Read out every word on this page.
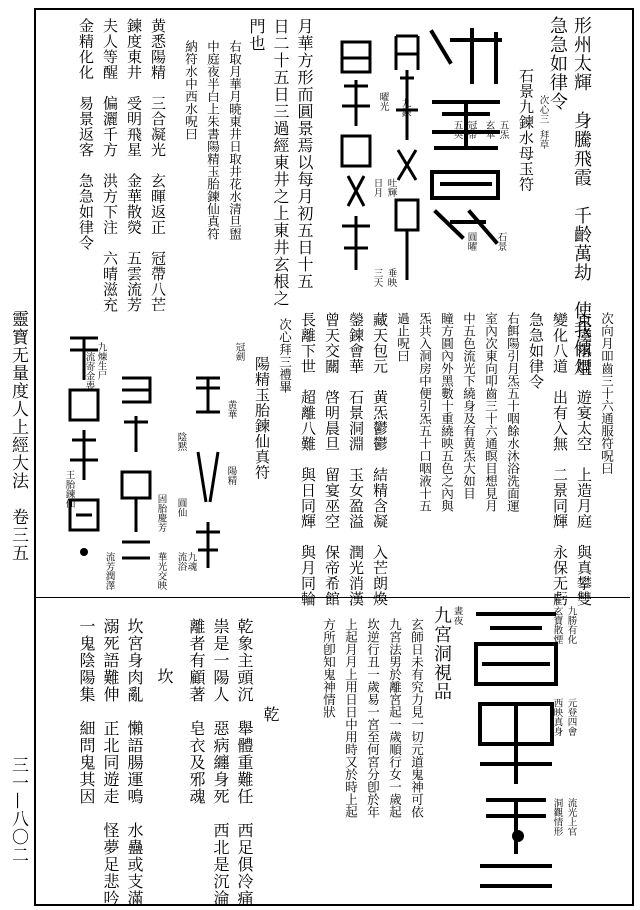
靈寶无量度人上經大法　卷三五
三一—八〇二
形州太輝　身騰飛霞　千齡萬劫　使我傾俎
急急如律令
次心三
拜草
石景九鍊水母玉符
五炁
玄華
冠帶
五英
石景
圓曜
九鍊
曜光
日月
三天
吐輝
垂映
月華方形而圓景焉以每月初五日十五
日二十五日三過經東井之上東井玄根之
門也
右取月華月暁東井日取井花水清旦盥
中庭夜半白上朱書陽精玉胎鍊仙真符
納符水中西水呪曰
黄悉陽精　三合凝光　玄暉返正　冠帶八芒
鍊度東井　受明飛星　金華散熒　五雲流芳
夫人等醒　偏灑千方　洪方下注　六晴滋充
金精化化　易景返客　急急如律令
次向月吅齒三十六通服符呪曰
東虞落煙　遊宴太空　上造月庭　與真攀雙
變化八道　出有入無　二景同輝　永保无虧
急急如律令
右餌陽引月炁五十咽餘水沐浴洗面運
室內次東向叩齒三十六通瞑目想見月
中五色流光下繞身及有黄炁大如目
瞳方圓內外黑數十重繞映五色之內與
炁共入洞房中便引炁五十口咽液十五
過止呪曰
藏天包元　黄炁鬱鬱　結精含凝　入芒朗煥
鎣鍊會華　石景洞淵　玉女盈溢　潤光消漢
曾天交關　啓明晨旦　留宴巫空　保帝希館
長離下世　超離八難　與日同輝　與月同輪
次心拜三禮畢
陽精玉胎鍊仙真符
冠劍
黄華
陽精
陰黙
圓仙
流浴 九魂
固胎慶芳
華光交映
流芳潤澤
九煉生尸
流寄金喪
王胎鍊仙
九勝有化
玄寶散煙
元登四會
西映真身
流光上官
洞觀情形
晝夜
九宮洞視品
玄師日未有究力見一切元道鬼神可依
九宮法男於離宮起一歲順行女一歲起
坎逆行丑一歲易一宮至何宮分卽於年
上起月月上用日日中用時又於時上起
方所卽知鬼神情狀
乾
乾象主頭沉　舉體重難任　西足俱冷痛
祟是一陽人　惡病纏身死　西北是沉淪
離者有顧著　皂衣及邪魂
坎
坎宮身肉亂　懶語腸運鳴　水蠱或支滿
溺死語難伸　正北同遊走　怪夢足悲吟
一鬼陰陽集　細問鬼其因
